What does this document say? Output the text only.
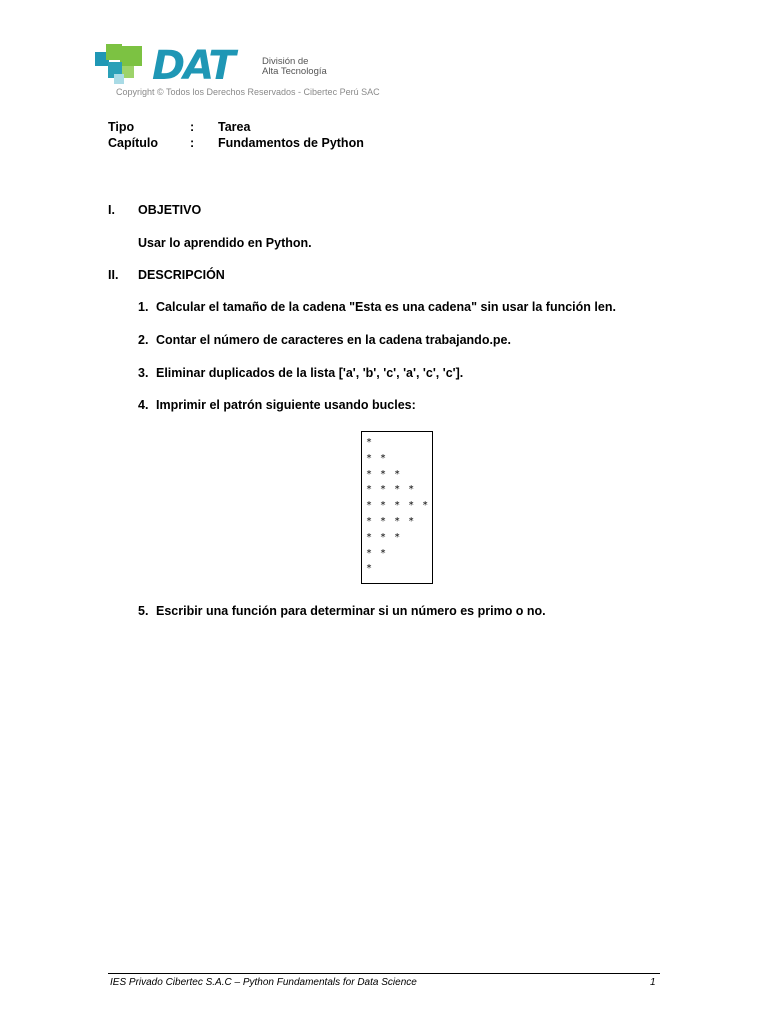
DAT	División de
Alta Tecnología
Copyright © Todos los Derechos Reservados - Cibertec Perú SAC
Tipo	:	Tarea
Capítulo	:	Fundamentos de Python
I.	OBJETIVO
Usar lo aprendido en Python.
II.	DESCRIPCIÓN
1. Calcular el tamaño de la cadena "Esta es una cadena" sin usar la función len.
2. Contar el número de caracteres en la cadena trabajando.pe.
3. Eliminar duplicados de la lista ['a', 'b', 'c', 'a', 'c', 'c'].
4. Imprimir el patrón siguiente usando bucles:
*
* *
* * *
* * * *
* * * * *
* * * *
* * *
* *
*
5. Escribir una función para determinar si un número es primo o no.
IES Privado Cibertec S.A.C – Python Fundamentals for Data Science	1
